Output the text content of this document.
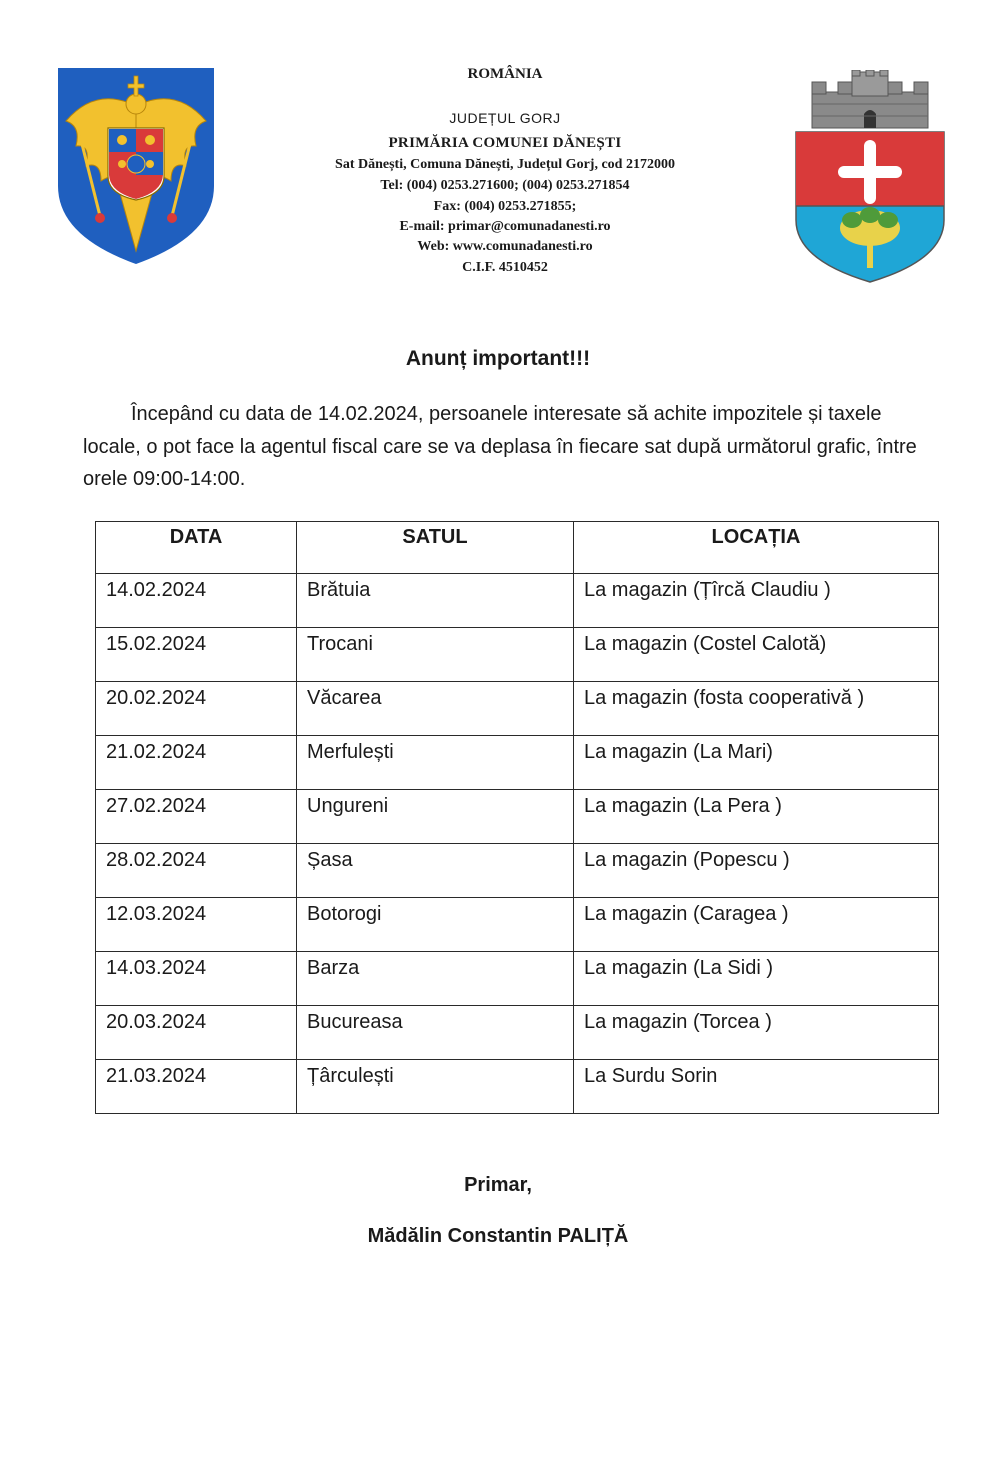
ROMÂNIA
JUDEȚUL GORJ
PRIMĂRIA COMUNEI DĂNEȘTI
Sat Dănești, Comuna Dănești, Județul Gorj, cod 2172000
Tel: (004) 0253.271600; (004) 0253.271854
Fax: (004) 0253.271855;
E-mail: primar@comunadanesti.ro
Web: www.comunadanesti.ro
C.I.F. 4510452
Anunț important!!!

Începând cu data de 14.02.2024, persoanele interesate să achite impozitele și taxele locale, o pot face la agentul fiscal care se va deplasa în fiecare sat după următorul grafic, între orele 09:00-14:00.

DATA	SATUL	LOCAȚIA
14.02.2024	Brătuia	La magazin (Țîrcă Claudiu )
15.02.2024	Trocani	La magazin (Costel Calotă)
20.02.2024	Văcarea	La magazin (fosta cooperativă )
21.02.2024	Merfulești	La magazin (La Mari)
27.02.2024	Ungureni	La magazin (La Pera )
28.02.2024	Șasa	La magazin (Popescu )
12.03.2024	Botorogi	La magazin (Caragea )
14.03.2024	Barza	La magazin (La Sidi )
20.03.2024	Bucureasa	La magazin (Torcea )
21.03.2024	Țârculești	La Surdu Sorin
Primar,
Mădălin Constantin PALIȚĂ
